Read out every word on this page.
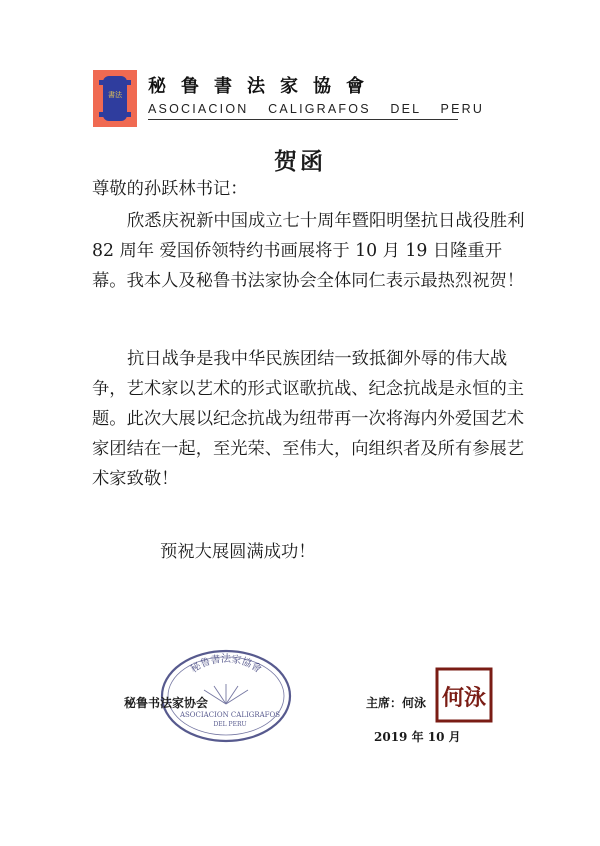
書法 秘鲁書法家協會
ASOCIACION CALIGRAFOS DEL PERU
贺函
尊敬的孙跃林书记：
欣悉庆祝新中国成立七十周年暨阳明堡抗日战役胜利 82 周年 爱国侨领特约书画展将于 10 月 19 日隆重开幕。我本人及秘鲁书法家协会全体同仁表示最热烈祝贺！
抗日战争是我中华民族团结一致抵御外辱的伟大战争，艺术家以艺术的形式讴歌抗战、纪念抗战是永恒的主题。此次大展以纪念抗战为纽带再一次将海内外爱国艺术家团结在一起，至光荣、至伟大，向组织者及所有参展艺术家致敬！
预祝大展圆满成功！
秘鲁書法家協會
ASOCIACION CALIGRAFOS
DEL PERU
秘鲁书法家协会	主席：何泳
2019 年 10 月
何泳
